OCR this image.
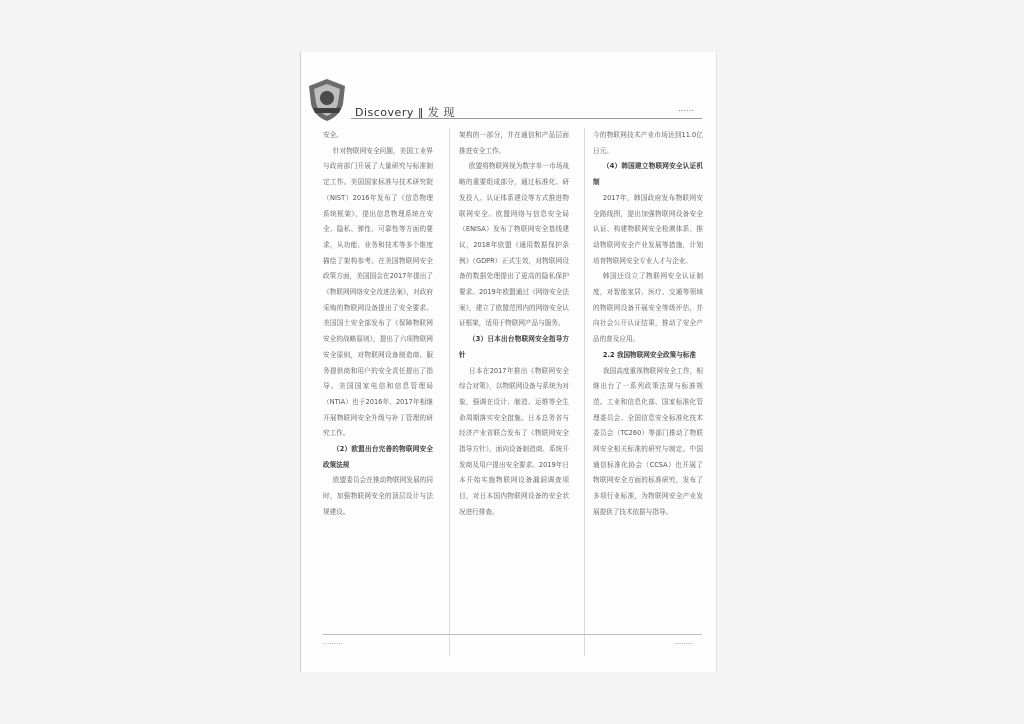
Discovery ‖ 发 现	……

安全。

针对物联网安全问题，美国工业界与政府部门开展了大量研究与标准制定工作。美国国家标准与技术研究院（NIST）2016年发布了《信息物理系统框架》，提出信息物理系统在安全、隐私、弹性、可靠性等方面的要求，从功能、业务和技术等多个维度描绘了架构参考。在美国物联网安全政策方面，美国国会在2017年提出了《物联网网络安全改进法案》，对政府采购的物联网设备提出了安全要求。美国国土安全部发布了《保障物联网安全的战略原则》，提出了六项物联网安全原则，对物联网设备制造商、服务提供商和用户的安全责任提出了指导。美国国家电信和信息管理局（NTIA）也于2016年、2017年相继开展物联网安全升级与补丁管理的研究工作。

（2）欧盟出台完善的物联网安全政策法规

欧盟委员会在推动物联网发展的同时，加强物联网安全的顶层设计与法规建设。

架构的一部分，并在通信和产品层面推进安全工作。

欧盟将物联网视为数字单一市场战略的重要组成部分，通过标准化、研发投入、认证体系建设等方式推进物联网安全。欧盟网络与信息安全局（ENISA）发布了物联网安全基线建议，2018年欧盟《通用数据保护条例》（GDPR）正式生效，对物联网设备的数据处理提出了更高的隐私保护要求。2019年欧盟通过《网络安全法案》，建立了欧盟范围内的网络安全认证框架，适用于物联网产品与服务。

（3）日本出台物联网安全指导方针

日本在2017年推出《物联网安全综合对策》，以物联网设备与系统为对象，强调在设计、制造、运维等全生命周期落实安全措施。日本总务省与经济产业省联合发布了《物联网安全指导方针》，面向设备制造商、系统开发商及用户提出安全要求。2019年日本开始实施物联网设备漏洞调查项目，对日本国内物联网设备的安全状况进行排查。

今的物联网技术产业市场达到11.0亿日元。

（4）韩国建立物联网安全认证机制

2017年，韩国政府发布物联网安全路线图，提出加强物联网设备安全认证、构建物联网安全检测体系、推动物联网安全产业发展等措施，计划培育物联网安全专业人才与企业。

韩国还设立了物联网安全认证制度，对智能家居、医疗、交通等领域的物联网设备开展安全等级评估，并向社会公开认证结果，推动了安全产品的普及应用。

2.2 我国物联网安全政策与标准

我国高度重视物联网安全工作，相继出台了一系列政策法规与标准规范。工业和信息化部、国家标准化管理委员会、全国信息安全标准化技术委员会（TC260）等部门推动了物联网安全相关标准的研究与制定。中国通信标准化协会（CCSA）也开展了物联网安全方面的标准研究，发布了多项行业标准，为物联网安全产业发展提供了技术依据与指导。

………	………
